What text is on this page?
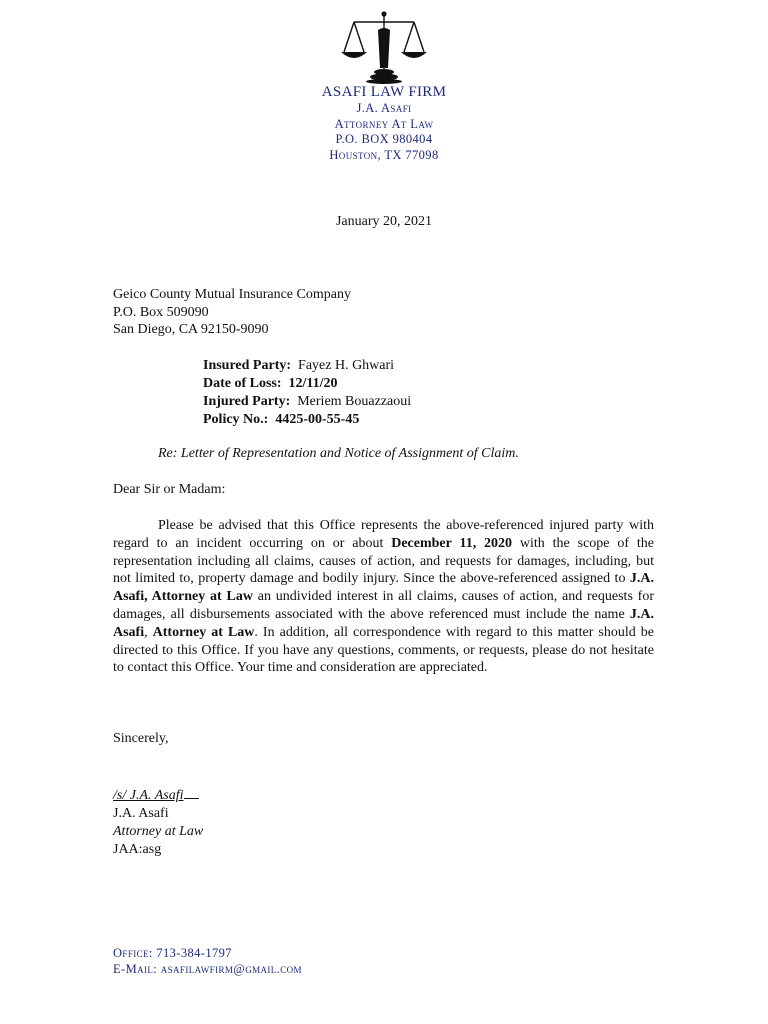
ASAFI LAW FIRM
J.A. Asafi
Attorney At Law
P.O. BOX 980404
Houston, TX 77098
January 20, 2021
Geico County Mutual Insurance Company
P.O. Box 509090
San Diego, CA 92150-9090
Insured Party: Fayez H. Ghwari
Date of Loss: 12/11/20
Injured Party: Meriem Bouazzaoui
Policy No.: 4425-00-55-45
Re: Letter of Representation and Notice of Assignment of Claim.
Dear Sir or Madam:

Please be advised that this Office represents the above-referenced injured party with regard to an incident occurring on or about December 11, 2020 with the scope of the representation including all claims, causes of action, and requests for damages, including, but not limited to, property damage and bodily injury. Since the above-referenced assigned to J.A. Asafi, Attorney at Law an undivided interest in all claims, causes of action, and requests for damages, all disbursements associated with the above referenced must include the name J.A. Asafi, Attorney at Law. In addition, all correspondence with regard to this matter should be directed to this Office. If you have any questions, comments, or requests, please do not hesitate to contact this Office. Your time and consideration are appreciated.

Sincerely,
/s/ J.A. Asafi
J.A. Asafi
Attorney at Law
JAA:asg
Office: 713-384-1797
E-Mail: asafilawfirm@gmail.com
